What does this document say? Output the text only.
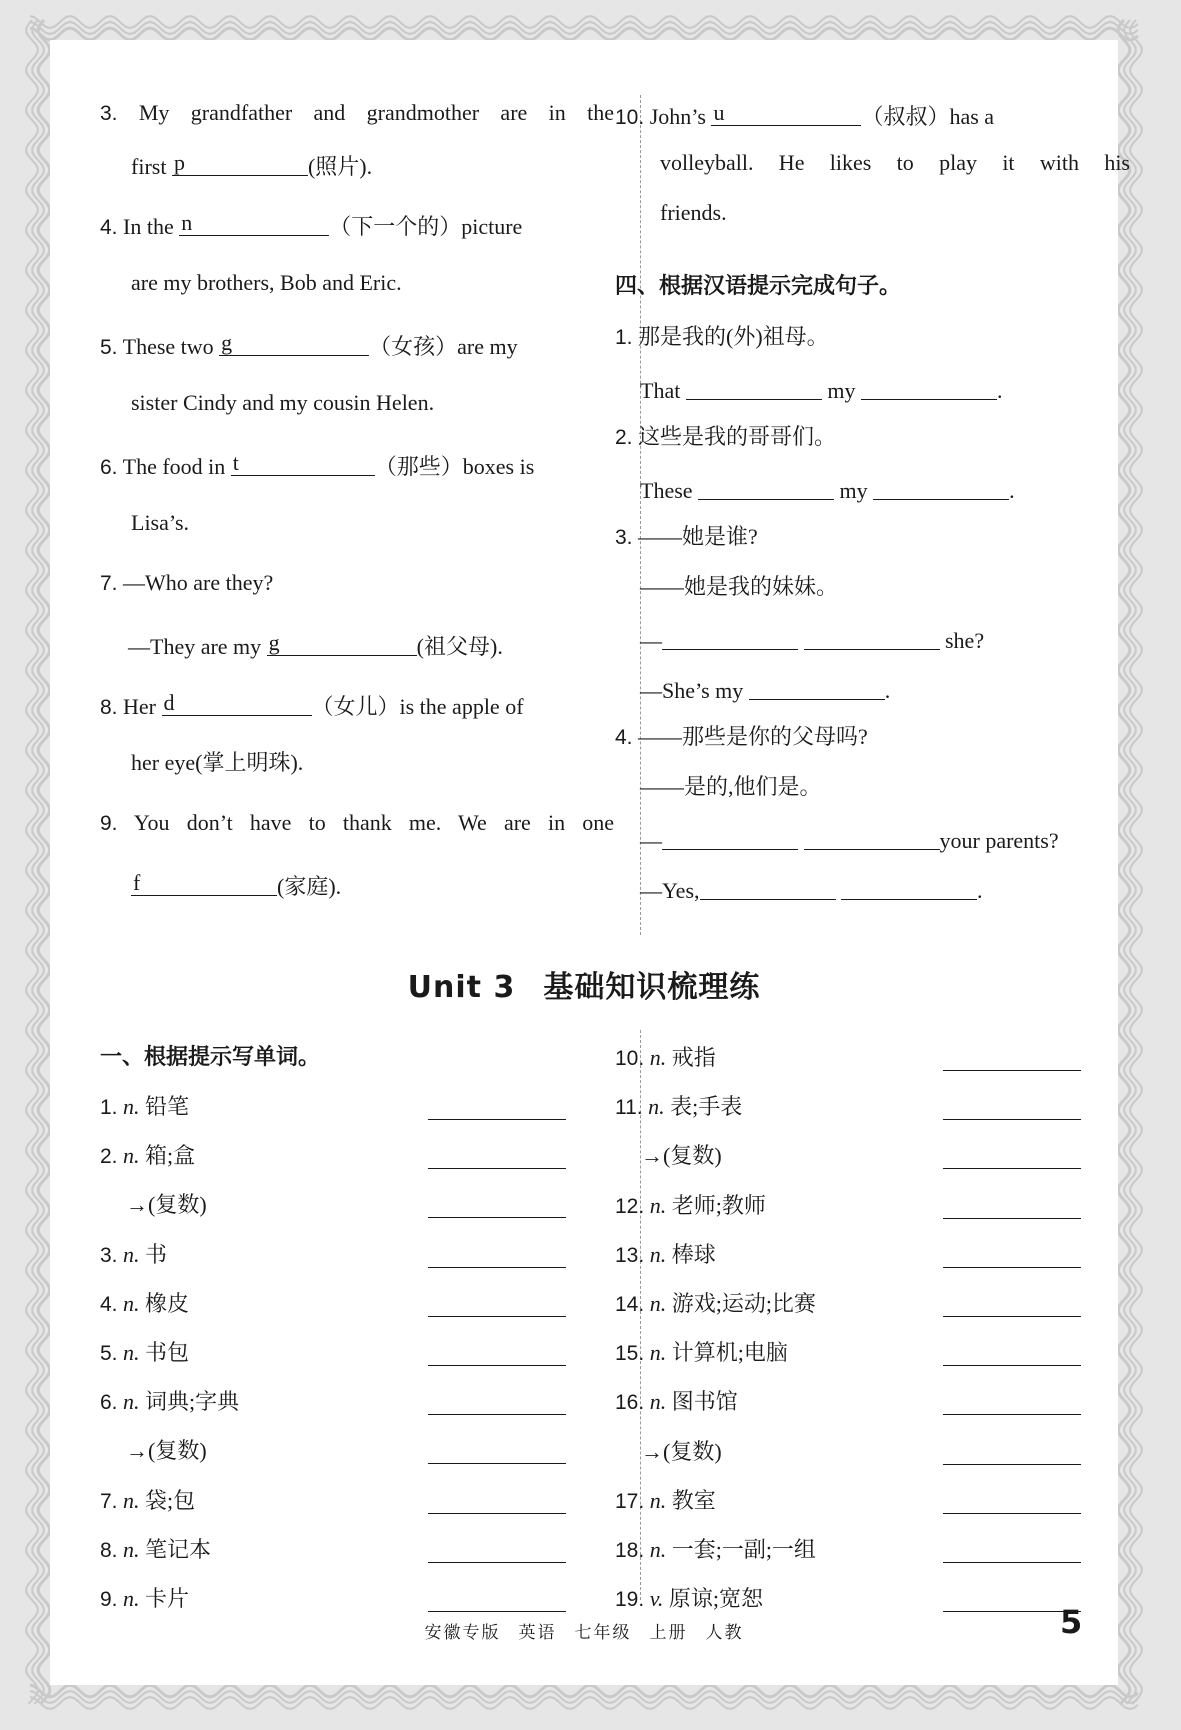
3. My grandfather and grandmother are in the
first p	(照片).
4. In the n	（下一个的）picture
are my brothers, Bob and Eric.
5. These two g	（女孩）are my
sister Cindy and my cousin Helen.
6. The food in t	（那些）boxes is
Lisa’s.
7. —Who are they?
—They are my g	(祖父母).
8. Her d	（女儿）is the apple of
her eye(掌上明珠).
9. You don’t have to thank me. We are in one
f	(家庭).
10. John’s u	（叔叔）has a
volleyball. He likes to play it with his
friends.
四、根据汉语提示完成句子。
1. 那是我的(外)祖母。
That	my	.
2. 这些是我的哥哥们。
These	my	.
3. ——她是谁?
——她是我的妹妹。
—	she?
—She’s my	.
4. ——那些是你的父母吗?
——是的,他们是。
—	your parents?
—Yes,	.
Unit 3 基础知识梳理练
一、根据提示写单词。
1. n. 铅笔
2. n. 箱;盒
→(复数)
3. n. 书
4. n. 橡皮
5. n. 书包
6. n. 词典;字典
→(复数)
7. n. 袋;包
8. n. 笔记本
9. n. 卡片
10. n. 戒指
11. n. 表;手表
→(复数)
12. n. 老师;教师
13. n. 棒球
14. n. 游戏;运动;比赛
15. n. 计算机;电脑
16. n. 图书馆
→(复数)
17. n. 教室
18. n. 一套;一副;一组
19. v. 原谅;宽恕
安徽专版 英语 七年级 上册 人教	5
